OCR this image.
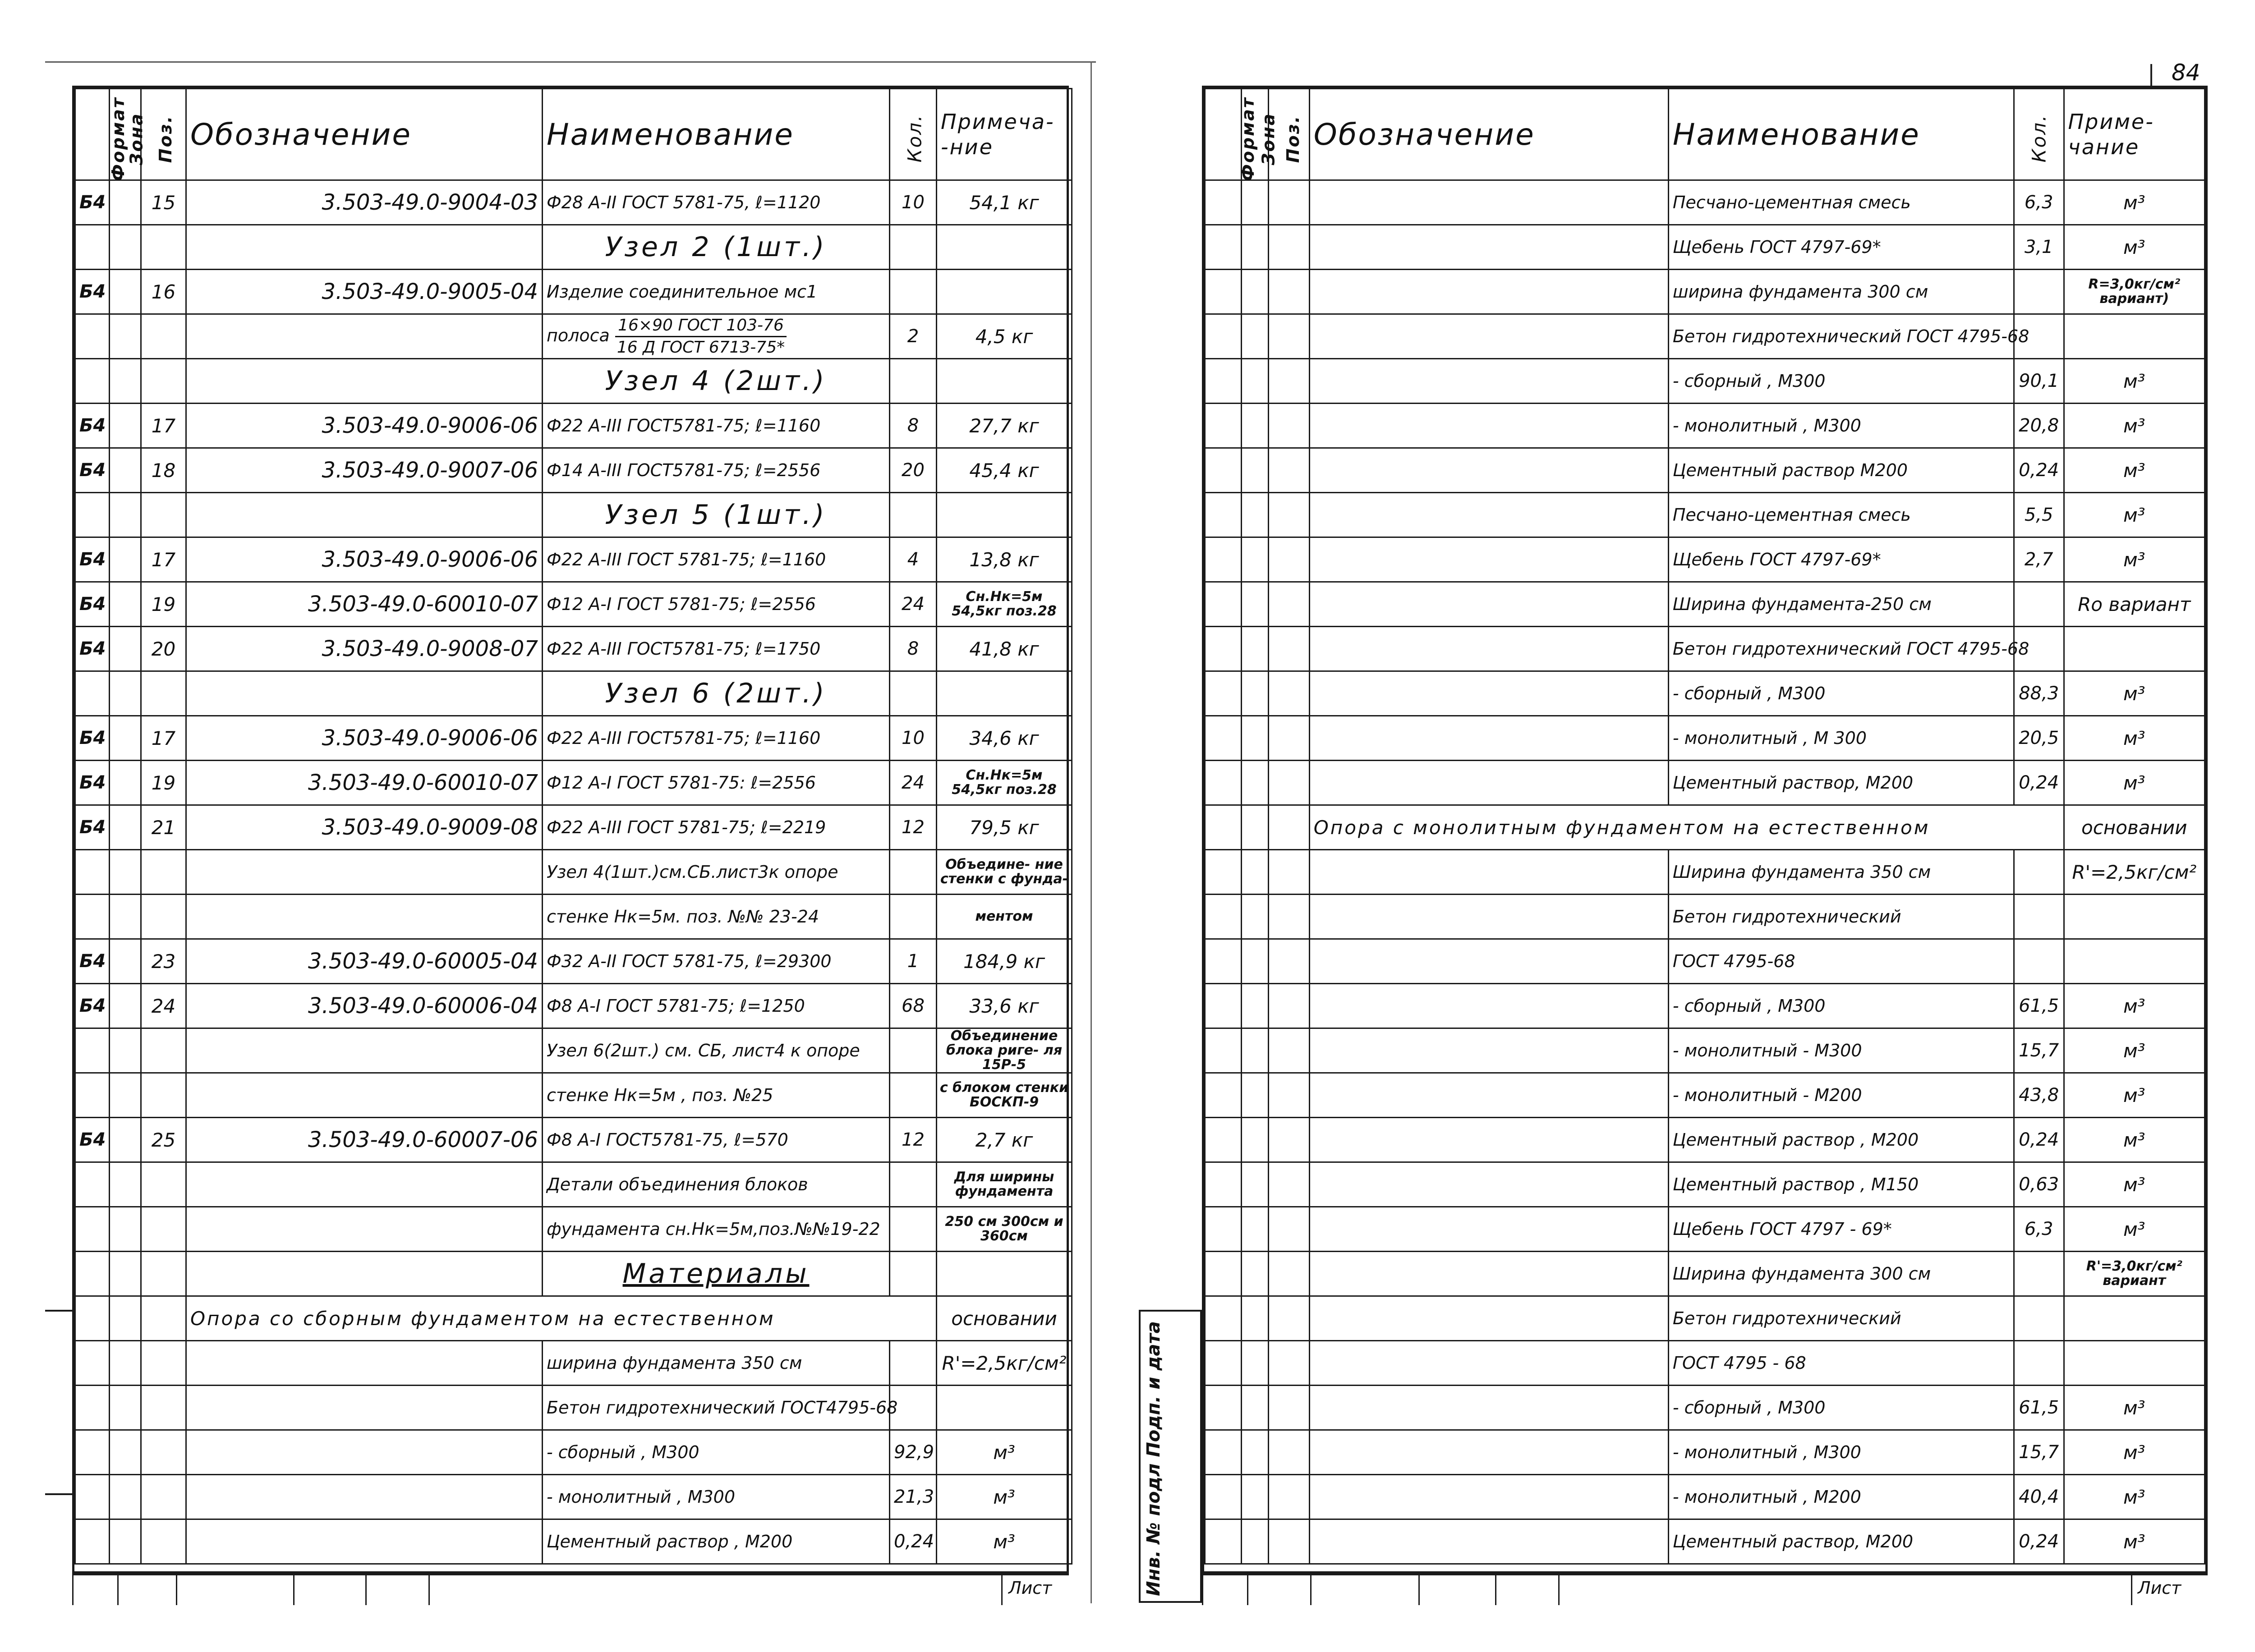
84
Формат	Зона	Поз.	Обозначение	Наименование	Кол.	Примеча- -ние
Б4		15	3.503-49.0-9004-03	Ф28 А-II ГОСТ 5781-75, ℓ=1120	10	54,1 кг
				Узел 2 (1шт.)		
Б4		16	3.503-49.0-9005-04	Изделие соединительное мс1		
				полоса $\frac{\text{16×90 ГОСТ 103-76}}{\text{16 Д ГОСТ 6713-75*}}$	2	4,5 кг
				Узел 4 (2шт.)		
Б4		17	3.503-49.0-9006-06	Ф22 А-III ГОСТ5781-75; ℓ=1160	8	27,7 кг
Б4		18	3.503-49.0-9007-06	Ф14 А-III ГОСТ5781-75; ℓ=2556	20	45,4 кг
				Узел 5 (1шт.)		
Б4		17	3.503-49.0-9006-06	Ф22 А-III ГОСТ 5781-75; ℓ=1160	4	13,8 кг
Б4		19	3.503-49.0-60010-07	Ф12 А-I ГОСТ 5781-75; ℓ=2556	24	Сн.Нк=5м 54,5кг поз.28
Б4		20	3.503-49.0-9008-07	Ф22 А-III ГОСТ5781-75; ℓ=1750	8	41,8 кг
				Узел 6 (2шт.)		
Б4		17	3.503-49.0-9006-06	Ф22 А-III ГОСТ5781-75; ℓ=1160	10	34,6 кг
Б4		19	3.503-49.0-60010-07	Ф12 А-I ГОСТ 5781-75: ℓ=2556	24	Сн.Нк=5м 54,5кг поз.28
Б4		21	3.503-49.0-9009-08	Ф22 А-III ГОСТ 5781-75; ℓ=2219	12	79,5 кг
				Узел 4(1шт.)см.СБ.лист3к опоре		Объедине- ние стенки с фунда-
				стенке Нк=5м. поз. №№ 23-24		ментом
Б4		23	3.503-49.0-60005-04	Ф32 А-II ГОСТ 5781-75, ℓ=29300	1	184,9 кг
Б4		24	3.503-49.0-60006-04	Ф8 А-I ГОСТ 5781-75; ℓ=1250	68	33,6 кг
				Узел 6(2шт.) см. СБ, лист4 к опоре		Объединение блока риге- ля 15Р-5
				стенке Нк=5м , поз. №25		с блоком стенки БОСКП-9
Б4		25	3.503-49.0-60007-06	Ф8 А-I ГОСТ5781-75, ℓ=570	12	2,7 кг
				Детали объединения блоков		Для ширины фундамента
				фундамента сн.Нк=5м,поз.№№19-22		250 см 300см и 360см
				Материалы		
			Опора со сборным фундаментом на естественном			основании
				ширина фундамента 350 см		R'=2,5кг/см²
				Бетон гидротехнический ГОСТ4795-68		
				- сборный , М300	92,9	м³
				- монолитный , М300	21,3	м³
				Цементный раствор , М200	0,24	м³
Лист
Формат	Зона	Поз.	Обозначение	Наименование	Кол.	Приме- чание
				Песчано-цементная смесь	6,3	м³
				Щебень ГОСТ 4797-69*	3,1	м³
				ширина фундамента 300 см		R=3,0кг/см² вариант)
				Бетон гидротехнический ГОСТ 4795-68		
				- сборный , М300	90,1	м³
				- монолитный , М300	20,8	м³
				Цементный раствор М200	0,24	м³
				Песчано-цементная смесь	5,5	м³
				Щебень ГОСТ 4797-69*	2,7	м³
				Ширина фундамента-250 см		Rо вариант
				Бетон гидротехнический ГОСТ 4795-68		
				- сборный , М300	88,3	м³
				- монолитный , М 300	20,5	м³
				Цементный раствор, М200	0,24	м³
			Опора с монолитным фундаментом на естественном			основании
				Ширина фундамента 350 см		R'=2,5кг/см²
				Бетон гидротехнический		
				ГОСТ 4795-68		
				- сборный , М300	61,5	м³
				- монолитный - М300	15,7	м³
				- монолитный - М200	43,8	м³
				Цементный раствор , М200	0,24	м³
				Цементный раствор , М150	0,63	м³
				Щебень ГОСТ 4797 - 69*	6,3	м³
				Ширина фундамента 300 см		R'=3,0кг/см² вариант
				Бетон гидротехнический		
				ГОСТ 4795 - 68		
				- сборный , М300	61,5	м³
				- монолитный , М300	15,7	м³
				- монолитный , М200	40,4	м³
				Цементный раствор, М200	0,24	м³
Лист
Инв. № подл Подп. и дата
